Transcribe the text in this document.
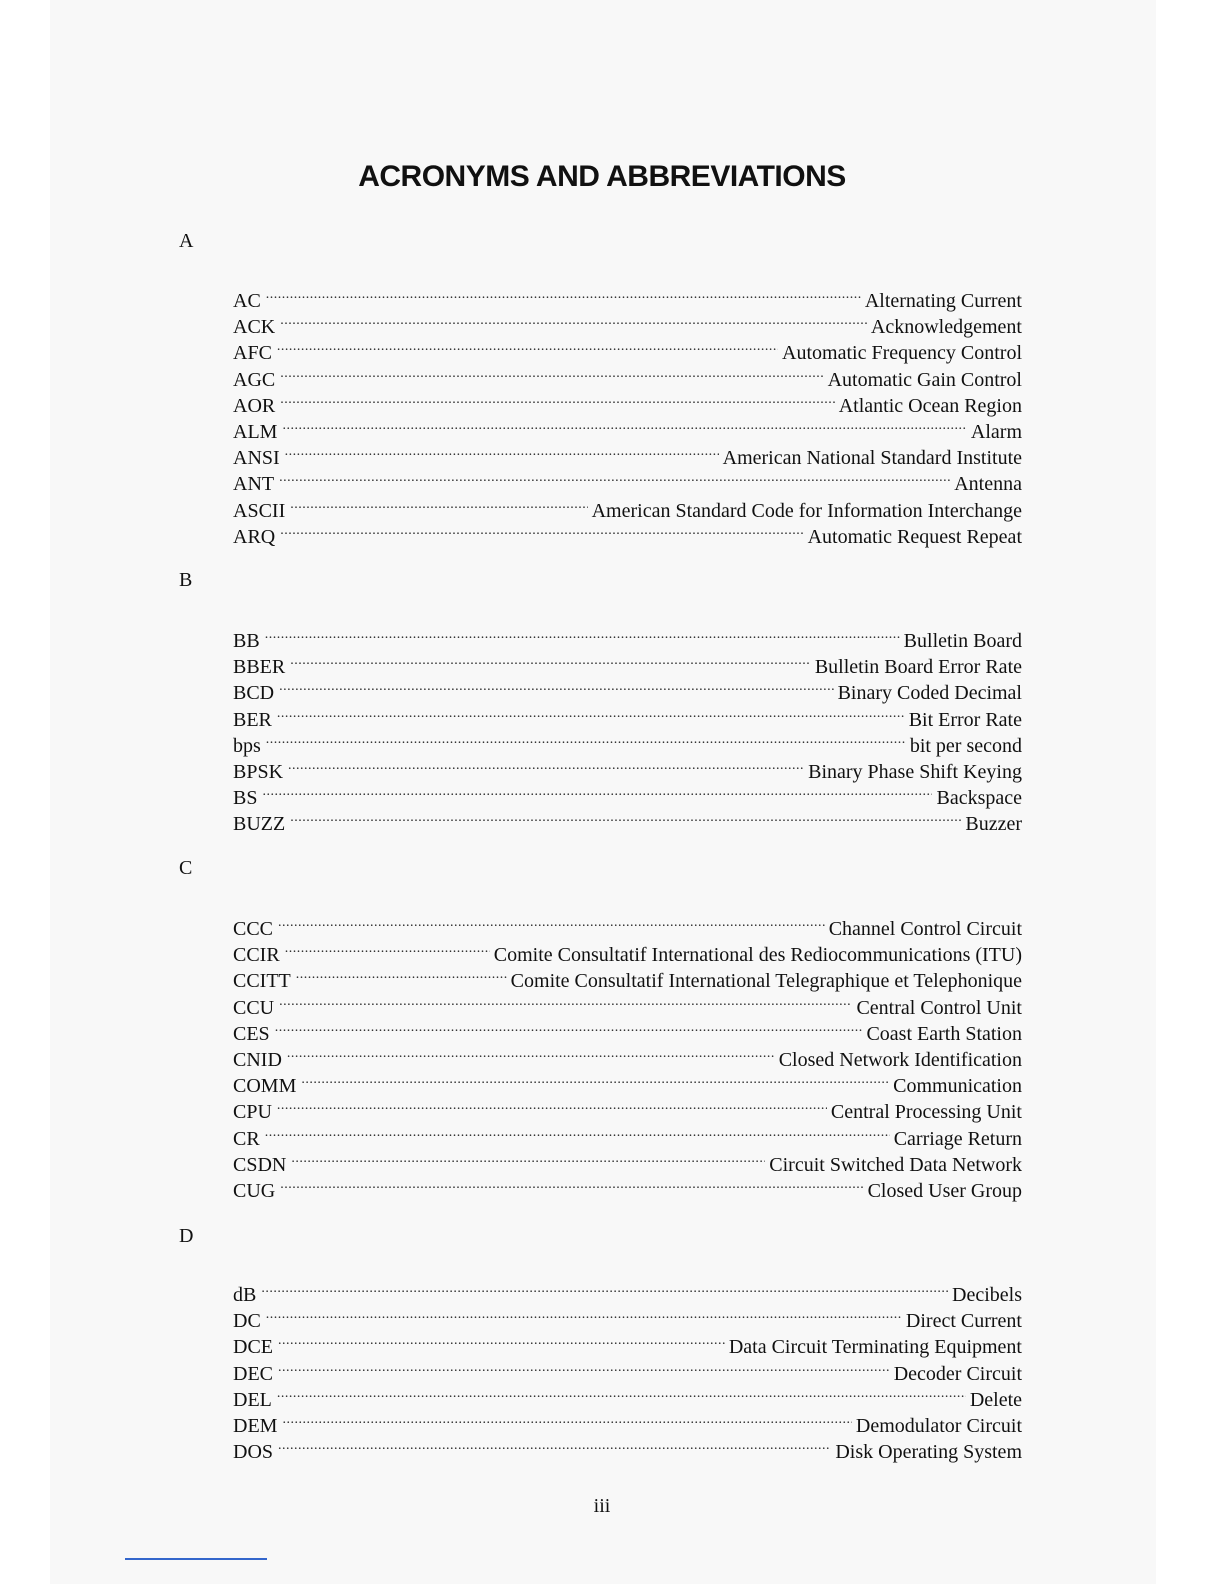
ACRONYMS AND ABBREVIATIONS
A
AC .....	Alternating Current
ACK .....	Acknowledgement
AFC .....	Automatic Frequency Control
AGC .....	Automatic Gain Control
AOR .....	Atlantic Ocean Region
ALM .....	Alarm
ANSI .....	American National Standard Institute
ANT .....	Antenna
ASCII .....	American Standard Code for Information Interchange
ARQ .....	Automatic Request Repeat
B
BB .....	Bulletin Board
BBER .....	Bulletin Board Error Rate
BCD .....	Binary Coded Decimal
BER .....	Bit Error Rate
bps .....	bit per second
BPSK .....	Binary Phase Shift Keying
BS .....	Backspace
BUZZ .....	Buzzer
C
CCC .....	Channel Control Circuit
CCIR .....	Comite Consultatif International des Rediocommunications (ITU)
CCITT .....	Comite Consultatif International Telegraphique et Telephonique
CCU .....	Central Control Unit
CES .....	Coast Earth Station
CNID .....	Closed Network Identification
COMM .....	Communication
CPU .....	Central Processing Unit
CR .....	Carriage Return
CSDN .....	Circuit Switched Data Network
CUG .....	Closed User Group
D
dB .....	Decibels
DC .....	Direct Current
DCE .....	Data Circuit Terminating Equipment
DEC .....	Decoder Circuit
DEL .....	Delete
DEM .....	Demodulator Circuit
DOS .....	Disk Operating System
iii
